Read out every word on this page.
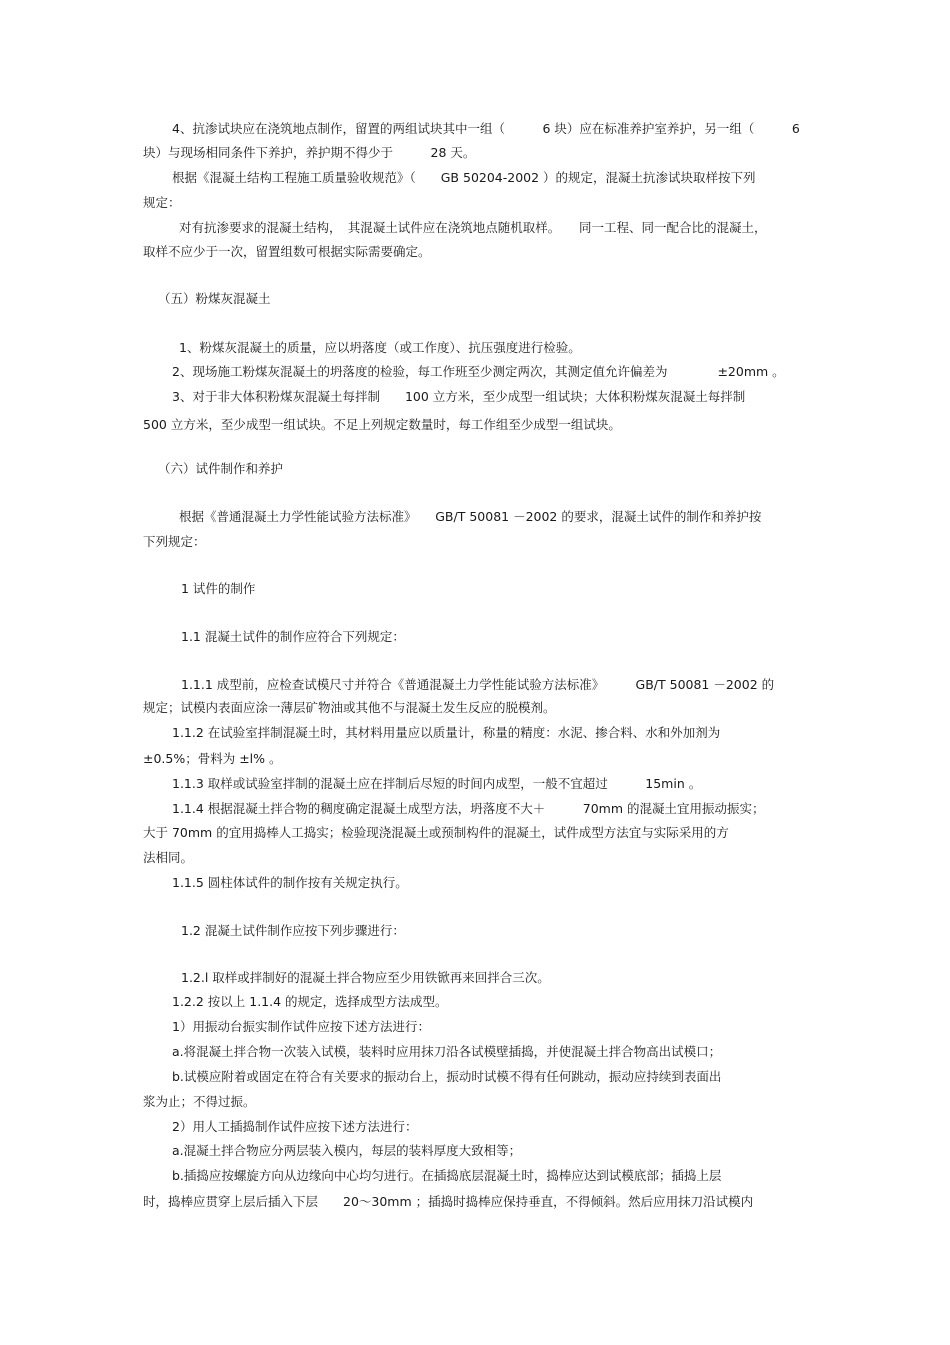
4、抗渗试块应在浇筑地点制作，留置的两组试块其中一组（　　　6 块）应在标准养护室养护，另一组（　　　6
块）与现场相同条件下养护，养护期不得少于　　　28 天。
根据《混凝土结构工程施工质量验收规范》（　　GB 50204-2002 ）的规定，混凝土抗渗试块取样按下列
规定：
对有抗渗要求的混凝土结构，　其混凝土试件应在浇筑地点随机取样。　　同一工程、同一配合比的混凝土，
取样不应少于一次，留置组数可根据实际需要确定。
（五）粉煤灰混凝土
1、粉煤灰混凝土的质量，应以坍落度（或工作度）、抗压强度进行检验。
2、现场施工粉煤灰混凝土的坍落度的检验，每工作班至少测定两次，其测定值允许偏差为　　　　±20mm 。
3、对于非大体积粉煤灰混凝土每拌制　　100 立方米，至少成型一组试块；大体积粉煤灰混凝土每拌制
500 立方米，至少成型一组试块。不足上列规定数量时，每工作组至少成型一组试块。
（六）试件制作和养护
根据《普通混凝土力学性能试验方法标准》　　GB/T 50081 －2002 的要求，混凝土试件的制作和养护按
下列规定：
1 试件的制作
1.1 混凝土试件的制作应符合下列规定：
1.1.1 成型前，应检查试模尺寸并符合《普通混凝土力学性能试验方法标准》　　　GB/T 50081 －2002 的
规定；试模内表面应涂一薄层矿物油或其他不与混凝土发生反应的脱模剂。
1.1.2 在试验室拌制混凝土时，其材料用量应以质量计，称量的精度：水泥、掺合料、水和外加剂为
±0.5%；骨料为 ±l% 。
1.1.3 取样或试验室拌制的混凝土应在拌制后尽短的时间内成型，一般不宜超过　　　15min 。
1.1.4 根据混凝土拌合物的稠度确定混凝土成型方法，坍落度不大＋　　　70mm 的混凝土宜用振动振实；
大于 70mm 的宜用捣棒人工捣实；检验现浇混凝土或预制构件的混凝土，试件成型方法宜与实际采用的方
法相同。
1.1.5 圆柱体试件的制作按有关规定执行。
1.2 混凝土试件制作应按下列步骤进行：
1.2.l 取样或拌制好的混凝土拌合物应至少用铁锨再来回拌合三次。
1.2.2 按以上 1.1.4 的规定，选择成型方法成型。
1）用振动台振实制作试件应按下述方法进行：
a.将混凝土拌合物一次装入试模，装料时应用抹刀沿各试模壁插捣，并使混凝土拌合物高出试模口；
b.试模应附着或固定在符合有关要求的振动台上，振动时试模不得有任何跳动，振动应持续到表面出
浆为止；不得过振。
2）用人工插捣制作试件应按下述方法进行：
a.混凝土拌合物应分两层装入模内，每层的装料厚度大致相等；
b.插捣应按螺旋方向从边缘向中心均匀进行。在插捣底层混凝土时，捣棒应达到试模底部；插捣上层
时，捣棒应贯穿上层后插入下层　　20～30mm ；插捣时捣棒应保持垂直，不得倾斜。然后应用抹刀沿试模内
